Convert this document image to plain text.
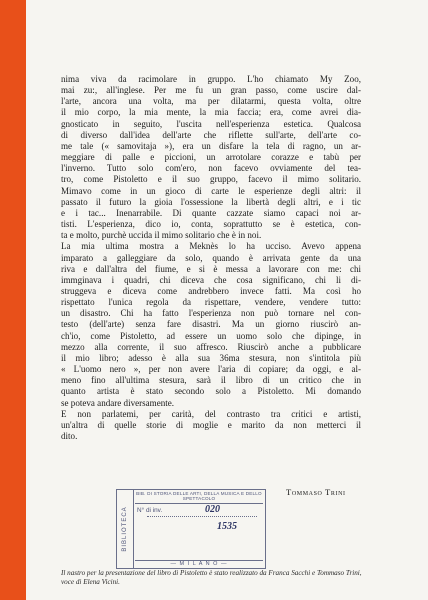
nima viva da racimolare in gruppo. L'ho chiamato My Zoo,
mai zu:, all'inglese. Per me fu un gran passo, come uscire dal-
l'arte, ancora una volta, ma per dilatarmi, questa volta, oltre
il mio corpo, la mia mente, la mia faccia; era, come avrei dia-
gnosticato in seguito, l'uscita nell'esperienza estetica. Qualcosa
di diverso dall'idea dell'arte che riflette sull'arte, dell'arte co-
me tale (« samovitaja »), era un disfare la tela di ragno, un ar-
meggiare di palle e piccioni, un arrotolare corazze e tabù per
l'inverno. Tutto solo com'ero, non facevo ovviamente del tea-
tro, come Pistoletto e il suo gruppo, facevo il mimo solitario.
Mimavo come in un gioco di carte le esperienze degli altri: il
passato il futuro la gioia l'ossessione la libertà degli altri, e i tic
e i tac... Inenarrabile. Di quante cazzate siamo capaci noi ar-
tisti. L'esperienza, dico io, conta, soprattutto se è estetica, con-
ta e molto, purchè uccida il mimo solitario che è in noi.
La mia ultima mostra a Meknès lo ha ucciso. Avevo appena
imparato a galleggiare da solo, quando è arrivata gente da una
riva e dall'altra del fiume, e si è messa a lavorare con me: chi
immginava i quadri, chi diceva che cosa significano, chi li di-
struggeva e diceva come andrebbero invece fatti. Ma così ho
rispettato l'unica regola da rispettare, vendere, vendere tutto:
un disastro. Chi ha fatto l'esperienza non può tornare nel con-
testo (dell'arte) senza fare disastri. Ma un giorno riuscirò an-
ch'io, come Pistoletto, ad essere un uomo solo che dipinge, in
mezzo alla corrente, il suo affresco. Riuscirò anche a pubblicare
il mio libro; adesso è alla sua 36ma stesura, non s'intitola più
« L'uomo nero », per non avere l'aria di copiare; da oggi, e al-
meno fino all'ultima stesura, sarà il libro di un critico che in
quanto artista è stato secondo solo a Pistoletto. Mi domando
se poteva andare diversamente.
E non parlatemi, per carità, del contrasto tra critici e artisti,
un'altra di quelle storie di moglie e marito da non metterci il
dito.
Tommaso Trini
BIBLIOTECA
BIB. DI STORIA DELLE ARTI, DELLA MUSICA E DELLO SPETTACOLO
N° di inv.	020
1535
— M I L A N O —
Il nastro per la presentazione del libro di Pistoletto è stato realizzato da Franca Sacchi e Tommaso Trini, voce di Elena Vicini.
